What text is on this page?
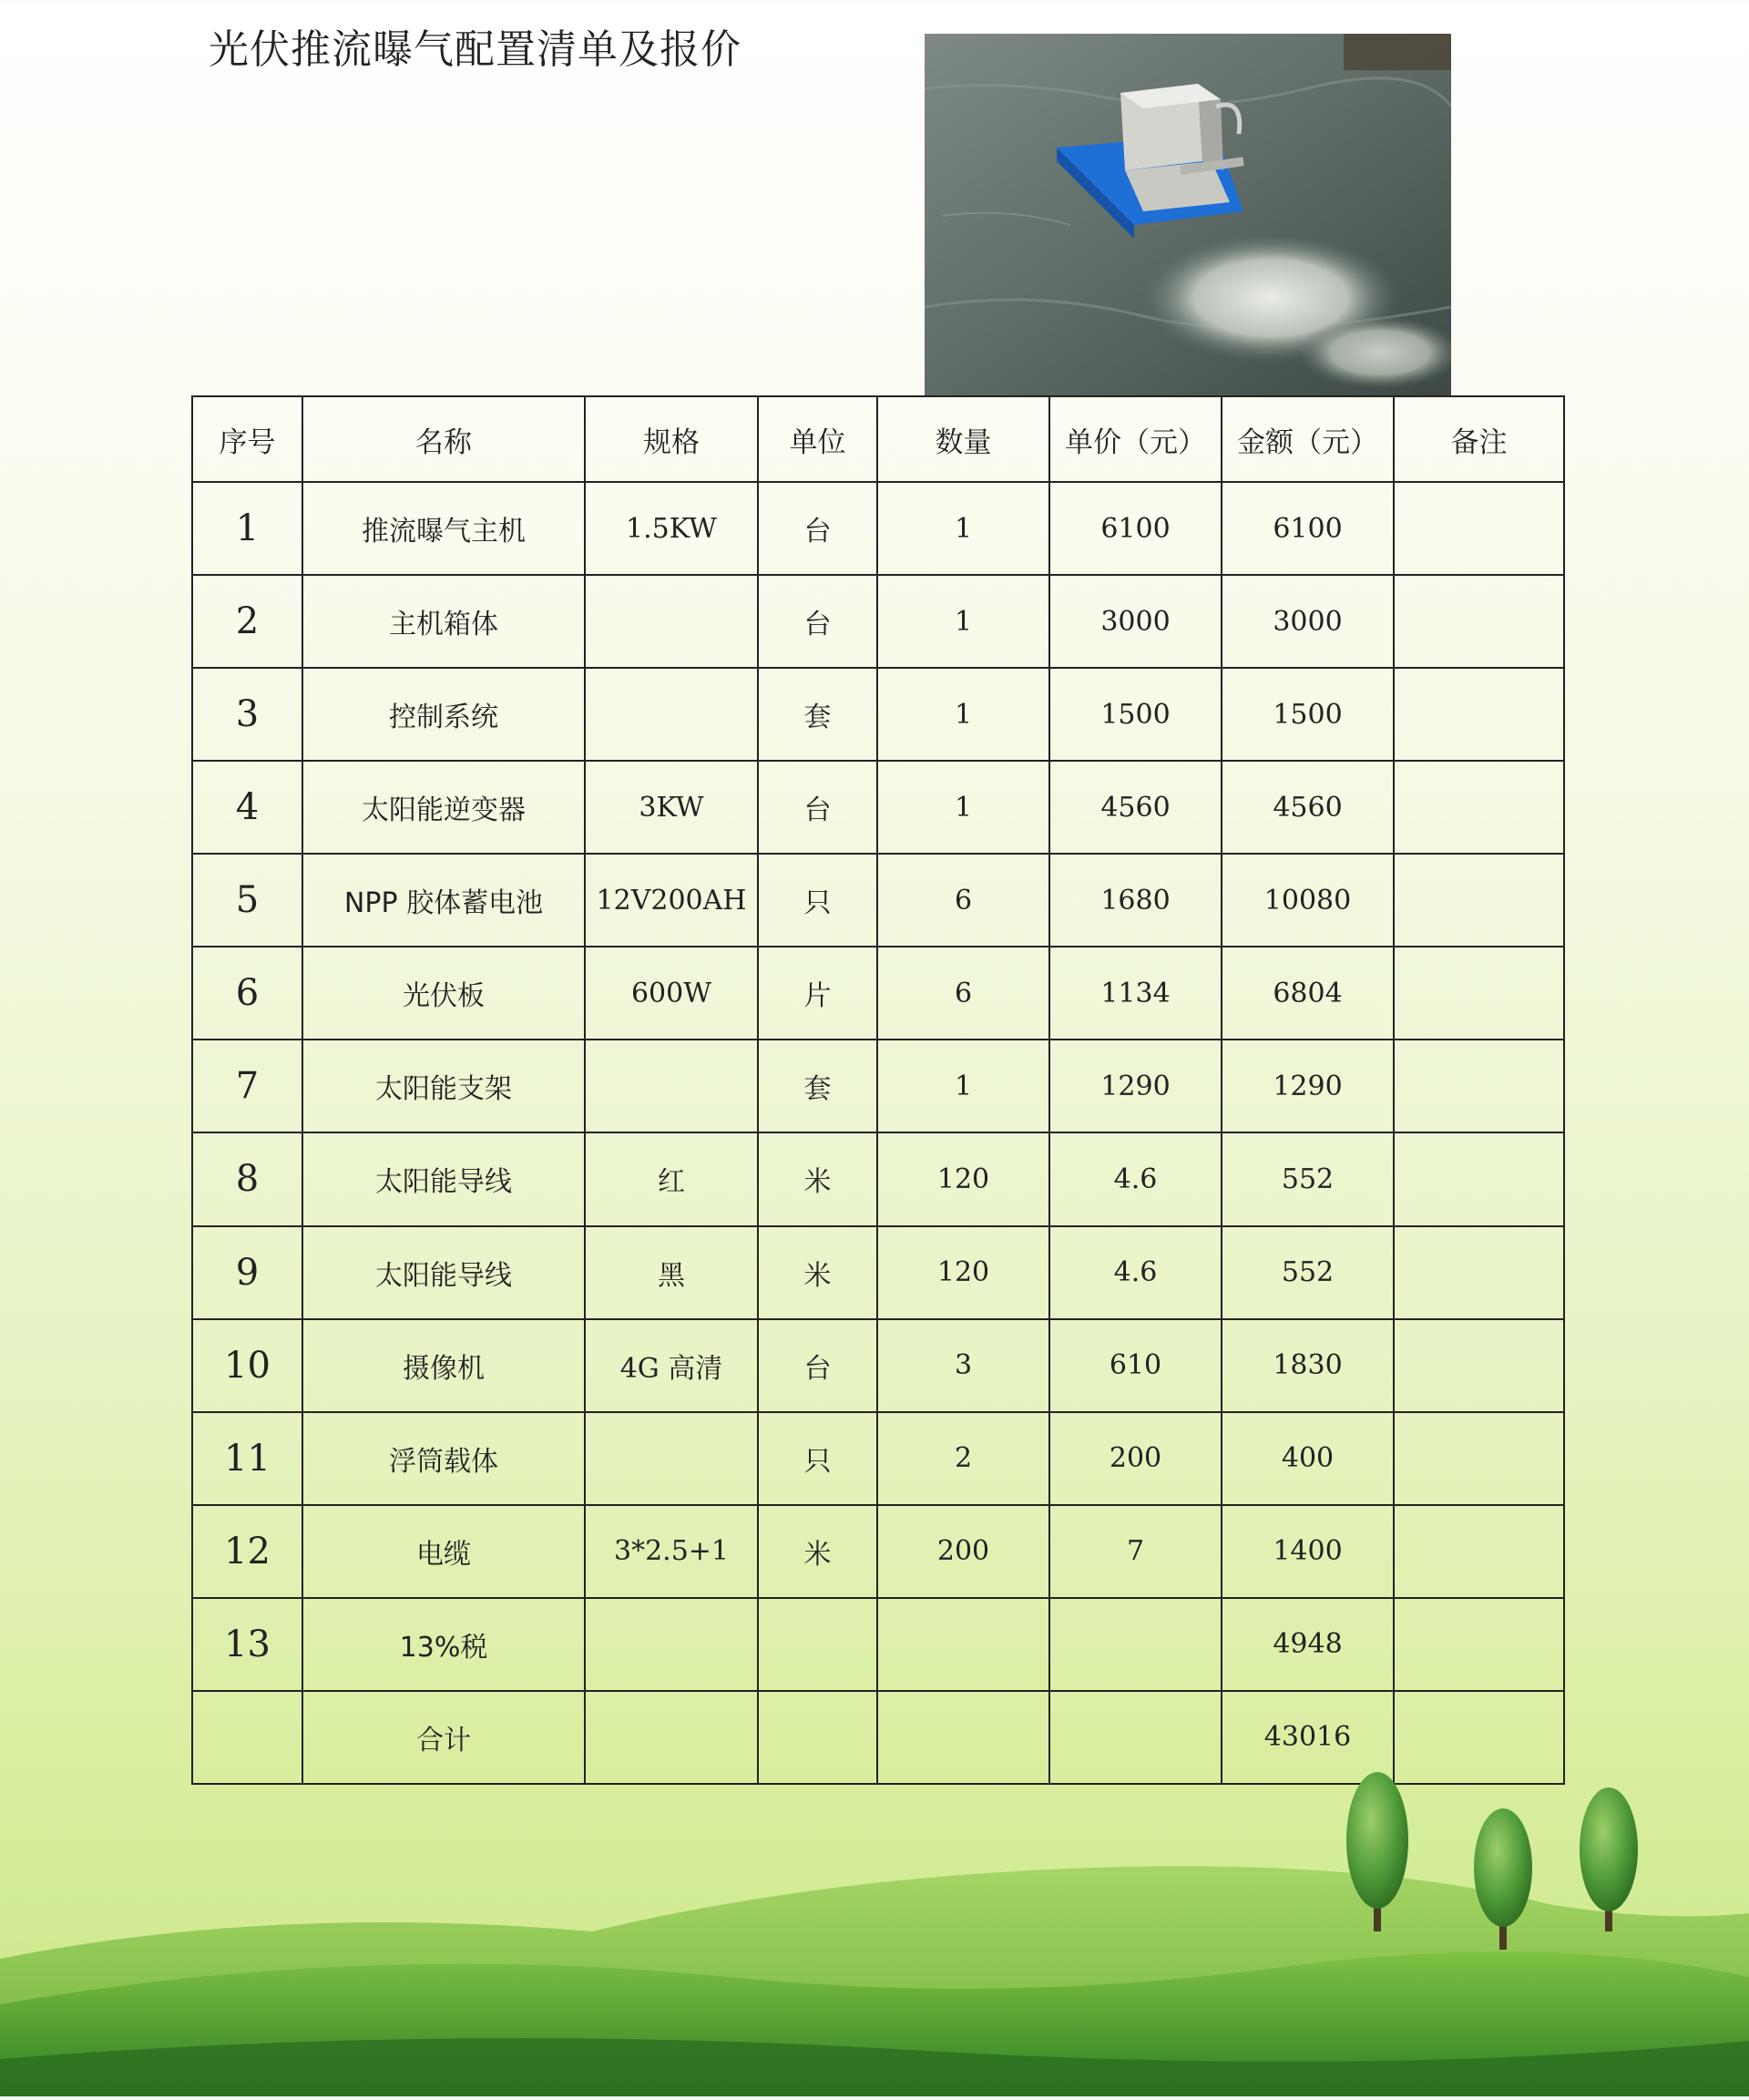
光伏推流曝气配置清单及报价
序号	名称	规格	单位	数量	单价（元）	金额（元）	备注
1	推流曝气主机	1.5KW	台	1	6100	6100	
2	主机箱体		台	1	3000	3000	
3	控制系统		套	1	1500	1500	
4	太阳能逆变器	3KW	台	1	4560	4560	
5	NPP 胶体蓄电池	12V200AH	只	6	1680	10080	
6	光伏板	600W	片	6	1134	6804	
7	太阳能支架		套	1	1290	1290	
8	太阳能导线	红	米	120	4.6	552	
9	太阳能导线	黑	米	120	4.6	552	
10	摄像机	4G 高清	台	3	610	1830	
11	浮筒载体		只	2	200	400	
12	电缆	3*2.5+1	米	200	7	1400	
13	13%税					4948	
	合计					43016	
